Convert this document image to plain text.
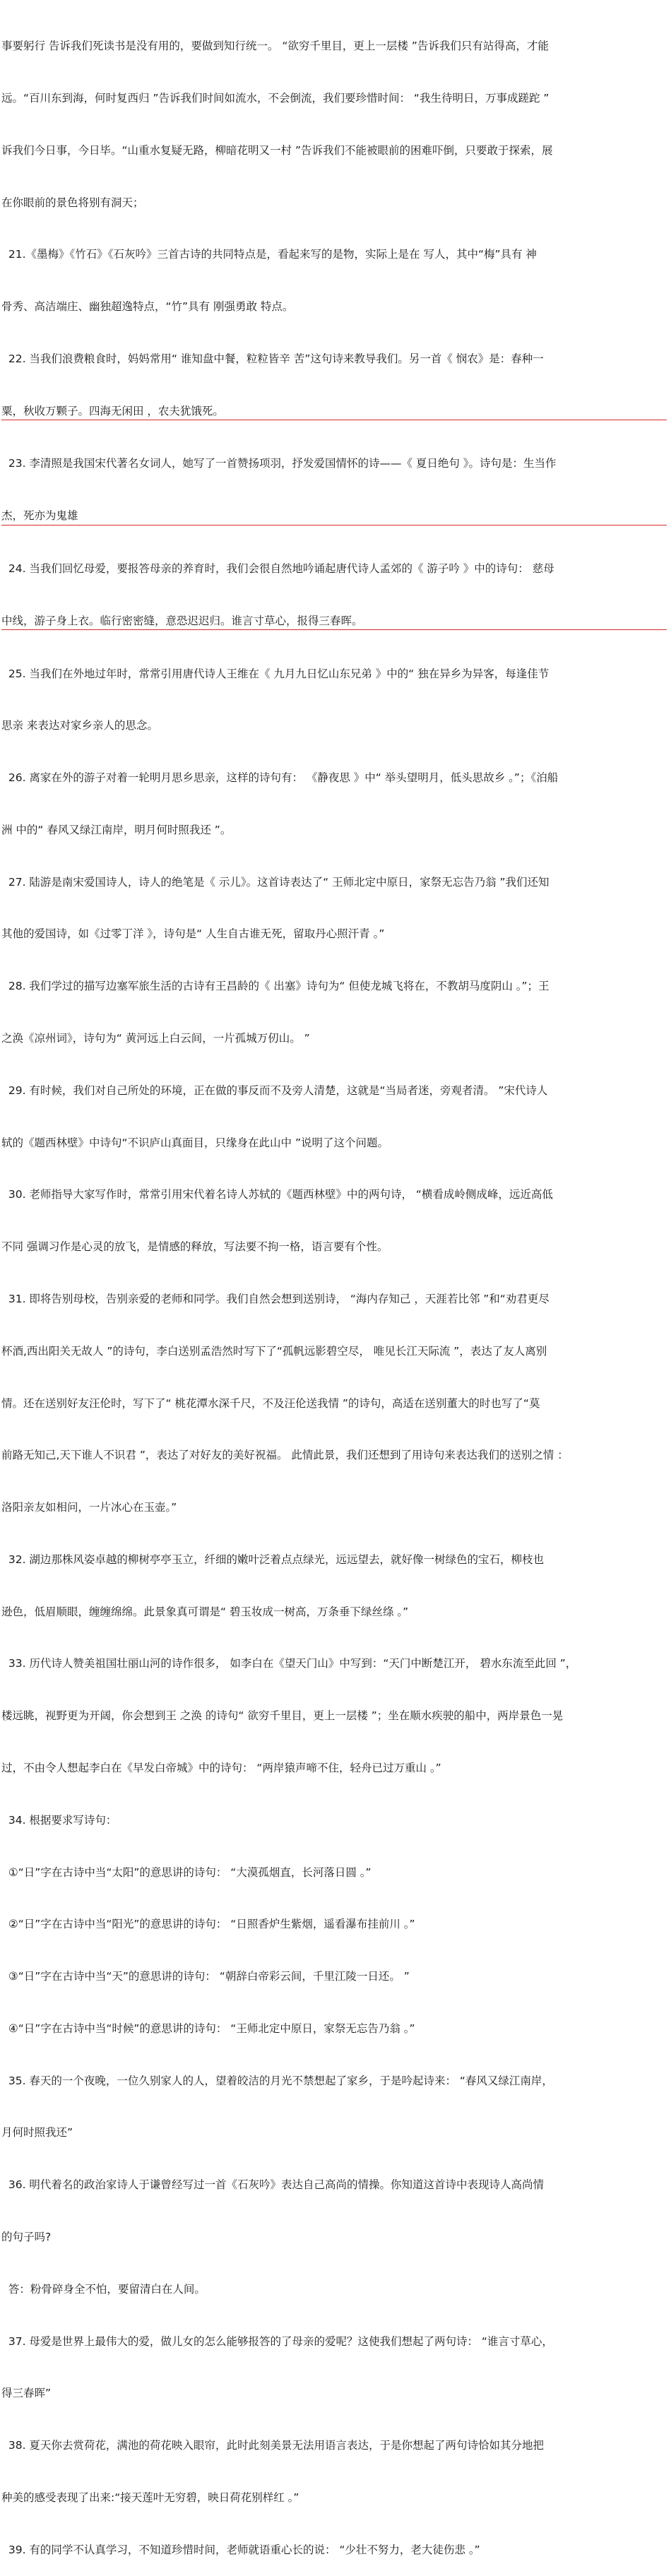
事要躬行 告诉我们死读书是没有用的，要做到知行统一。 “欲穷千里目，更上一层楼 ”告诉我们只有站得高，才能

远。“百川东到海，何时复西归 ”告诉我们时间如流水，不会倒流，我们要珍惜时间： “我生待明日，万事成蹉跎 ”

诉我们今日事，今日毕。“山重水复疑无路，柳暗花明又一村 ”告诉我们不能被眼前的困难吓倒，只要敢于探索，展

在你眼前的景色将别有洞天；

21.《墨梅》《竹石》《石灰吟》三首古诗的共同特点是，看起来写的是物，实际上是在 写人，其中“梅”具有 神

骨秀、高洁端庄、幽独超逸特点，“竹”具有 刚强勇敢 特点。

22. 当我们浪费粮食时，妈妈常用“ 谁知盘中餐，粒粒皆辛 苦”这句诗来教导我们。另一首《 悯农》是：春种一

粟，秋收万颗子。四海无闲田 ，农夫犹饿死。

23. 李清照是我国宋代著名女词人，她写了一首赞扬项羽，抒发爱国情怀的诗——《 夏日绝句 》。诗句是：生当作

杰，死亦为鬼雄

24. 当我们回忆母爱，要报答母亲的养育时，我们会很自然地吟诵起唐代诗人孟郊的《 游子吟 》中的诗句： 慈母

中线，游子身上衣。临行密密缝，意恐迟迟归。谁言寸草心，报得三春晖。

25. 当我们在外地过年时，常常引用唐代诗人王维在《 九月九日忆山东兄弟 》中的“ 独在异乡为异客，每逢佳节

思亲 来表达对家乡亲人的思念。

26. 离家在外的游子对着一轮明月思乡思亲，这样的诗句有： 《静夜思 》中“ 举头望明月，低头思故乡 。”；《泊船

洲 中的“ 春风又绿江南岸，明月何时照我还 ”。

27. 陆游是南宋爱国诗人，诗人的绝笔是《 示儿》。这首诗表达了“ 王师北定中原日，家祭无忘告乃翁 ”我们还知

其他的爱国诗，如《过零丁洋 》，诗句是“ 人生自古谁无死，留取丹心照汗青 。”

28. 我们学过的描写边塞军旅生活的古诗有王昌龄的《 出塞》诗句为“ 但使龙城飞将在，不教胡马度阴山 。”；王

之涣《凉州词》，诗句为“ 黄河远上白云间，一片孤城万仞山。 ”

29. 有时候，我们对自己所处的环境，正在做的事反而不及旁人清楚，这就是“当局者迷，旁观者清。 ”宋代诗人

轼的《题西林壁》中诗句“不识庐山真面目，只缘身在此山中 ”说明了这个问题。

30. 老师指导大家写作时，常常引用宋代着名诗人苏轼的《题西林壁》中的两句诗， “横看成岭侧成峰，远近高低

不同 强调习作是心灵的放飞，是情感的释放，写法要不拘一格，语言要有个性。

31. 即将告别母校，告别亲爱的老师和同学。我们自然会想到送别诗， “海内存知己 ，天涯若比邻 ”和“劝君更尽

杯酒,西出阳关无故人 ”的诗句，李白送别孟浩然时写下了“孤帆远影碧空尽， 唯见长江天际流 ”，表达了友人离别

情。还在送别好友汪伦时，写下了“ 桃花潭水深千尺，不及汪伦送我情 ”的诗句，高适在送别董大的时也写了“莫

前路无知己,天下谁人不识君 ”，表达了对好友的美好祝福。 此情此景，我们还想到了用诗句来表达我们的送别之情 ：

洛阳亲友如相问，一片冰心在玉壶。”

32. 湖边那株风姿卓越的柳树亭亭玉立，纤细的嫩叶泛着点点绿光，远远望去，就好像一树绿色的宝石，柳枝也

逊色，低眉顺眼，缠缠绵绵。此景象真可谓是“ 碧玉妆成一树高，万条垂下绿丝绦 。”

33. 历代诗人赞美祖国壮丽山河的诗作很多， 如李白在《望天门山》中写到：“天门中断楚江开， 碧水东流至此回 ”，

楼远眺，视野更为开阔，你会想到王 之涣 的诗句“ 欲穷千里目，更上一层楼 ”；坐在顺水疾驶的船中，两岸景色一晃

过，不由令人想起李白在《早发白帝城》中的诗句： “两岸猿声啼不住，轻舟已过万重山 。”

34. 根据要求写诗句：

①“日”字在古诗中当“太阳”的意思讲的诗句： “大漠孤烟直，长河落日圆 。”

②“日”字在古诗中当“阳光”的意思讲的诗句： “日照香炉生紫烟，遥看瀑布挂前川 。”

③“日”字在古诗中当“天”的意思讲的诗句： “朝辞白帝彩云间，千里江陵一日还。 ”

④“日”字在古诗中当“时候”的意思讲的诗句： “王师北定中原日，家祭无忘告乃翁 。”

35. 春天的一个夜晚，一位久别家人的人，望着皎洁的月光不禁想起了家乡，于是吟起诗来： “春风又绿江南岸，

月何时照我还”

36. 明代着名的政治家诗人于谦曾经写过一首《石灰吟》表达自己高尚的情操。你知道这首诗中表现诗人高尚情

的句子吗?

答：粉骨碎身全不怕，要留清白在人间。

37. 母爱是世界上最伟大的爱，做儿女的怎么能够报答的了母亲的爱呢？这使我们想起了两句诗： “谁言寸草心，

得三春晖”

38. 夏天你去赏荷花，满池的荷花映入眼帘，此时此刻美景无法用语言表达，于是你想起了两句诗恰如其分地把

种美的感受表现了出来:“接天莲叶无穷碧，映日荷花别样红 。”

39. 有的同学不认真学习，不知道珍惜时间，老师就语重心长的说： “少壮不努力，老大徒伤悲 。”
